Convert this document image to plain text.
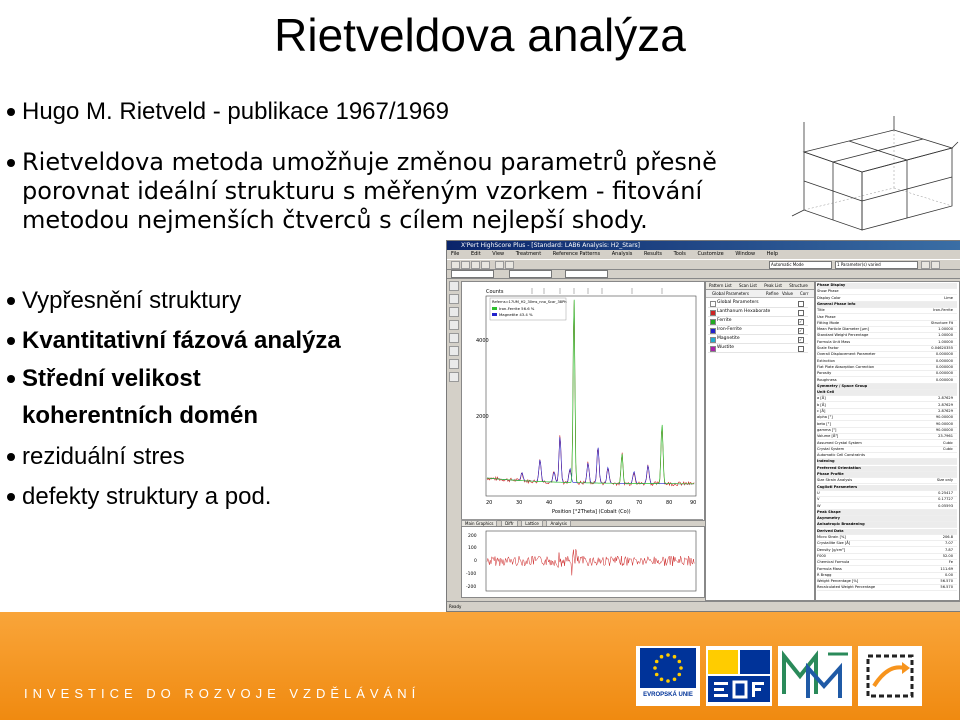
Rietveldova analýza
Hugo M. Rietveld - publikace 1967/1969
Rietveldova metoda umožňuje změnou parametrů přesně
porovnat ideální strukturu s měřeným vzorkem - fitování
metodou nejmenších čtverců s cílem nejlepší shody.
Vypřesnění struktury
Kvantitativní fázová analýza
Střední velikost
koherentních domén
reziduální stres
defekty struktury a pod.
X'Pert HighScore Plus - [Standard: LAB6 Analysis: H2_Stars]
File Edit View Treatment Reference Patterns Analysis Results Tools Customize Window Help
Automatic Mode	1 Parameter(s) varied
Counts
4000
2000
20	30	40	50	60	70	80	90
Position [°2Theta] (Cobalt (Co))
Referns=17UM_H2_30ms_nno_Scar_38Ph
Iron-Ferrite 56.6 %
Magnetite 43.4 %
Main Graphics	Diffr	Lattice	Analysis
200
100
0
-100
-200
Pattern List Scan List Peak List Structure
Global Parameters	Refine Value Corr
Global Parameters
Lanthanum Hexaborate
Ferrite	✓
Iron-Ferrite	✓
Magnetite	✓
Wustite
Phase Display
Show Phase
Display Color	Lime
General Phase Info
Title	Iron-Ferrite
Use Phase
Fitting Mode	Structure Fit
Mean Particle Diameter [µm]	1.00000
Standard Weight Percentage	1.00000
Formula Unit Mass	1.00000
Scale Factor	0.04620355
Overall Displacement Parameter	0.000000
Extinction	0.000000
Flat Plate Absorption Correction	0.000000
Porosity	0.000000
Roughness	0.000000
Symmetry / Space Group
Unit Cell
a [Å]	2.87629
b [Å]	2.87629
c [Å]	2.87629
alpha [°]	90.00000
beta [°]	90.00000
gamma [°]	90.00000
Volume [Å³]	23.7961
Assumed Crystal System	Cubic
Crystal System	Cubic
Automatic Cell Constraints
Indexing
Preferred Orientation
Phase Profile
Size Strain Analysis	Size only
Caglioti Parameters
U	0.25417
V	0.17727
W	0.05593
Peak Shape
Asymmetry
Anisotropic Broadening
Derived Data
Micro Strain [%]	206.8
Crystallite Size [Å]	7.07
Density [g/cm³]	7.87
F000	52.00
Chemical Formula	Fe
Formula Mass	111.69
R Bragg	0.00
Weight Percentage [%]	56.570
Recalculated Weight Percentage	56.570
Ready
INVESTICE DO ROZVOJE VZDĚLÁVÁNÍ	EVROPSKÁ UNIE
